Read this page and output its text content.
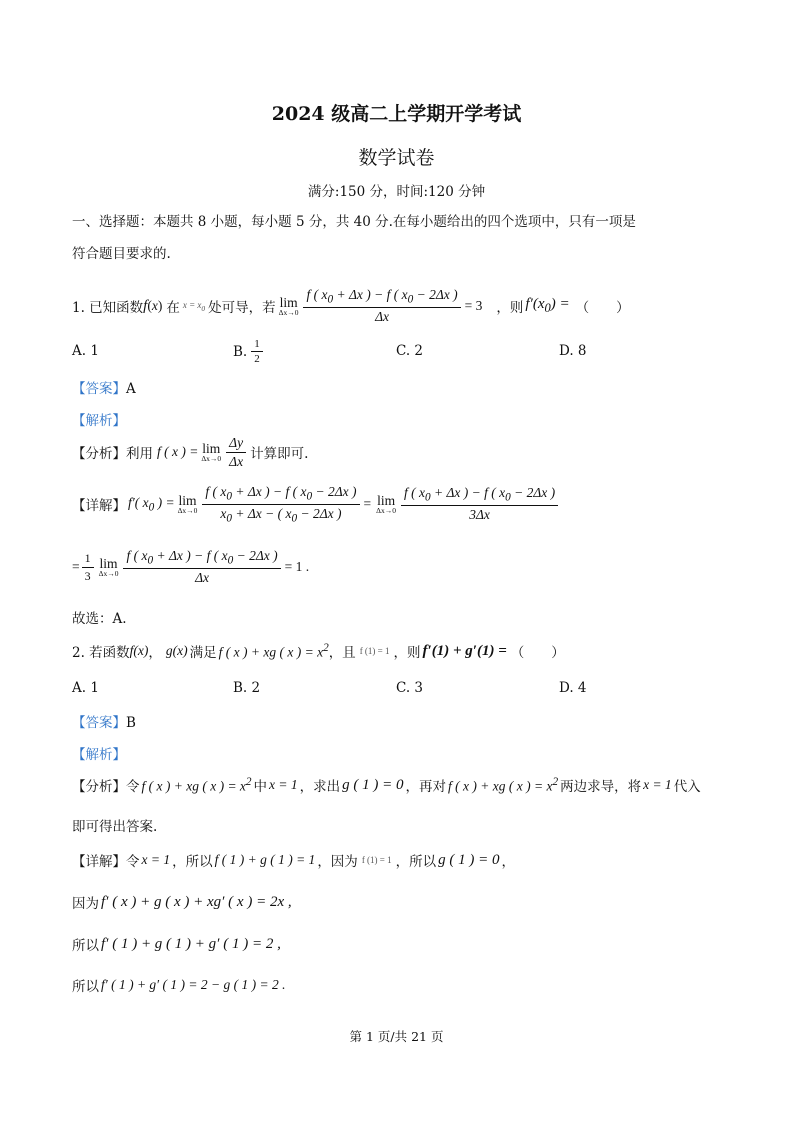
2024 级高二上学期开学考试
数学试卷
满分:150 分，时间:120 分钟
一、选择题：本题共 8 小题，每小题 5 分，共 40 分.在每小题给出的四个选项中，只有一项是
符合题目要求的.
1. 已知函数 f ( x ) 在 $x = x_0$ 处可导，若 lim
$\Delta x\to 0 \frac{f ( x_0 + \Delta x ) - f ( x_0 - 2\Delta x )}{\Delta x} = 3$ ，则 $f'(x_0)$ = （　　）
A. 1	B. $\frac{1}{2}$	C. 2	D. 8
【答案】A
【解析】
【分析】 利用 f ( x ) = lim
$\Delta x\to 0 \frac{\Delta y}{\Delta x}$ 计算即可.
【详解】 f′( $x_0$ ) = lim
$\Delta x\to 0 \frac{f ( x_0 + \Delta x ) - f ( x_0 - 2\Delta x )}{x_0 + \Delta x - ( x_0 - 2\Delta x )} = \lim$
$\Delta x\to 0 \frac{f ( x_0 + \Delta x ) - f ( x_0 - 2\Delta x )}{3\Delta x}$
= $\frac{1}{3}$ lim
$\Delta x\to 0 \frac{f ( x_0 + \Delta x ) - f ( x_0 - 2\Delta x )}{\Delta x} = 1$ .
故选：A.
2. 若函数 f(x) ， g(x) 满足 f ( x ) + xg ( x ) = $x^2$ ，且 f (1) = 1 ，则 f′(1) + g′(1) = （　　）
A. 1	B. 2	C. 3	D. 4
【答案】B
【解析】
【分析】 令 f ( x ) + xg ( x ) = $x^2$ 中 x = 1 ，求出 g ( 1 ) = 0 ，再对 f ( x ) + xg ( x ) = $x^2$ 两边求导，将 x = 1 代入
即可得出答案.
【详解】 令 x = 1 ，所以 f ( 1 ) + g ( 1 ) = 1 ，因为 f (1) = 1 ，所以 g ( 1 ) = 0 ，
因为 f′ ( x ) + g ( x ) + xg′ ( x ) = 2x ,
所以 f′ ( 1 ) + g ( 1 ) + g′ ( 1 ) = 2 ,
所以 f′ ( 1 ) + g′ ( 1 ) = 2 − g ( 1 ) = 2 .
第 1 页/共 21 页
